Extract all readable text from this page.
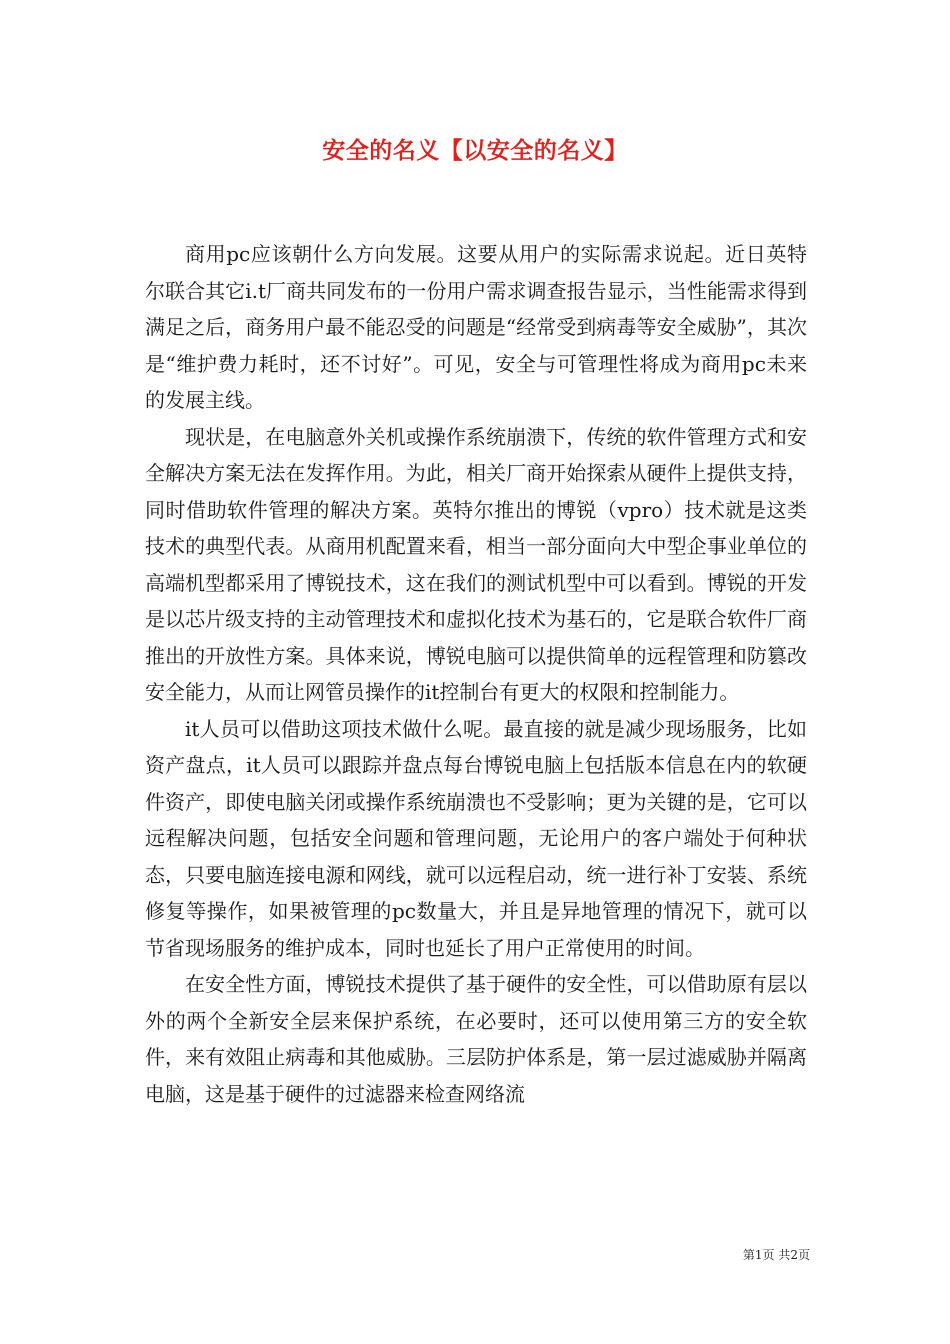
安全的名义【以安全的名义】

商用pc应该朝什么方向发展。这要从用户的实际需求说起。近日英特尔联合其它i.t厂商共同发布的一份用户需求调查报告显示，当性能需求得到满足之后，商务用户最不能忍受的问题是“经常受到病毒等安全威胁”，其次是“维护费力耗时，还不讨好”。可见，安全与可管理性将成为商用pc未来的发展主线。

现状是，在电脑意外关机或操作系统崩溃下，传统的软件管理方式和安全解决方案无法在发挥作用。为此，相关厂商开始探索从硬件上提供支持，同时借助软件管理的解决方案。英特尔推出的博锐（vpro）技术就是这类技术的典型代表。从商用机配置来看，相当一部分面向大中型企事业单位的高端机型都采用了博锐技术，这在我们的测试机型中可以看到。博锐的开发是以芯片级支持的主动管理技术和虚拟化技术为基石的，它是联合软件厂商推出的开放性方案。具体来说，博锐电脑可以提供简单的远程管理和防篡改安全能力，从而让网管员操作的it控制台有更大的权限和控制能力。

it人员可以借助这项技术做什么呢。最直接的就是减少现场服务，比如资产盘点，it人员可以跟踪并盘点每台博锐电脑上包括版本信息在内的软硬件资产，即使电脑关闭或操作系统崩溃也不受影响；更为关键的是，它可以远程解决问题，包括安全问题和管理问题，无论用户的客户端处于何种状态，只要电脑连接电源和网线，就可以远程启动，统一进行补丁安装、系统修复等操作，如果被管理的pc数量大，并且是异地管理的情况下，就可以节省现场服务的维护成本，同时也延长了用户正常使用的时间。

在安全性方面，博锐技术提供了基于硬件的安全性，可以借助原有层以外的两个全新安全层来保护系统，在必要时，还可以使用第三方的安全软件，来有效阻止病毒和其他威胁。三层防护体系是，第一层过滤威胁并隔离电脑，这是基于硬件的过滤器来检查网络流

第1页 共2页
